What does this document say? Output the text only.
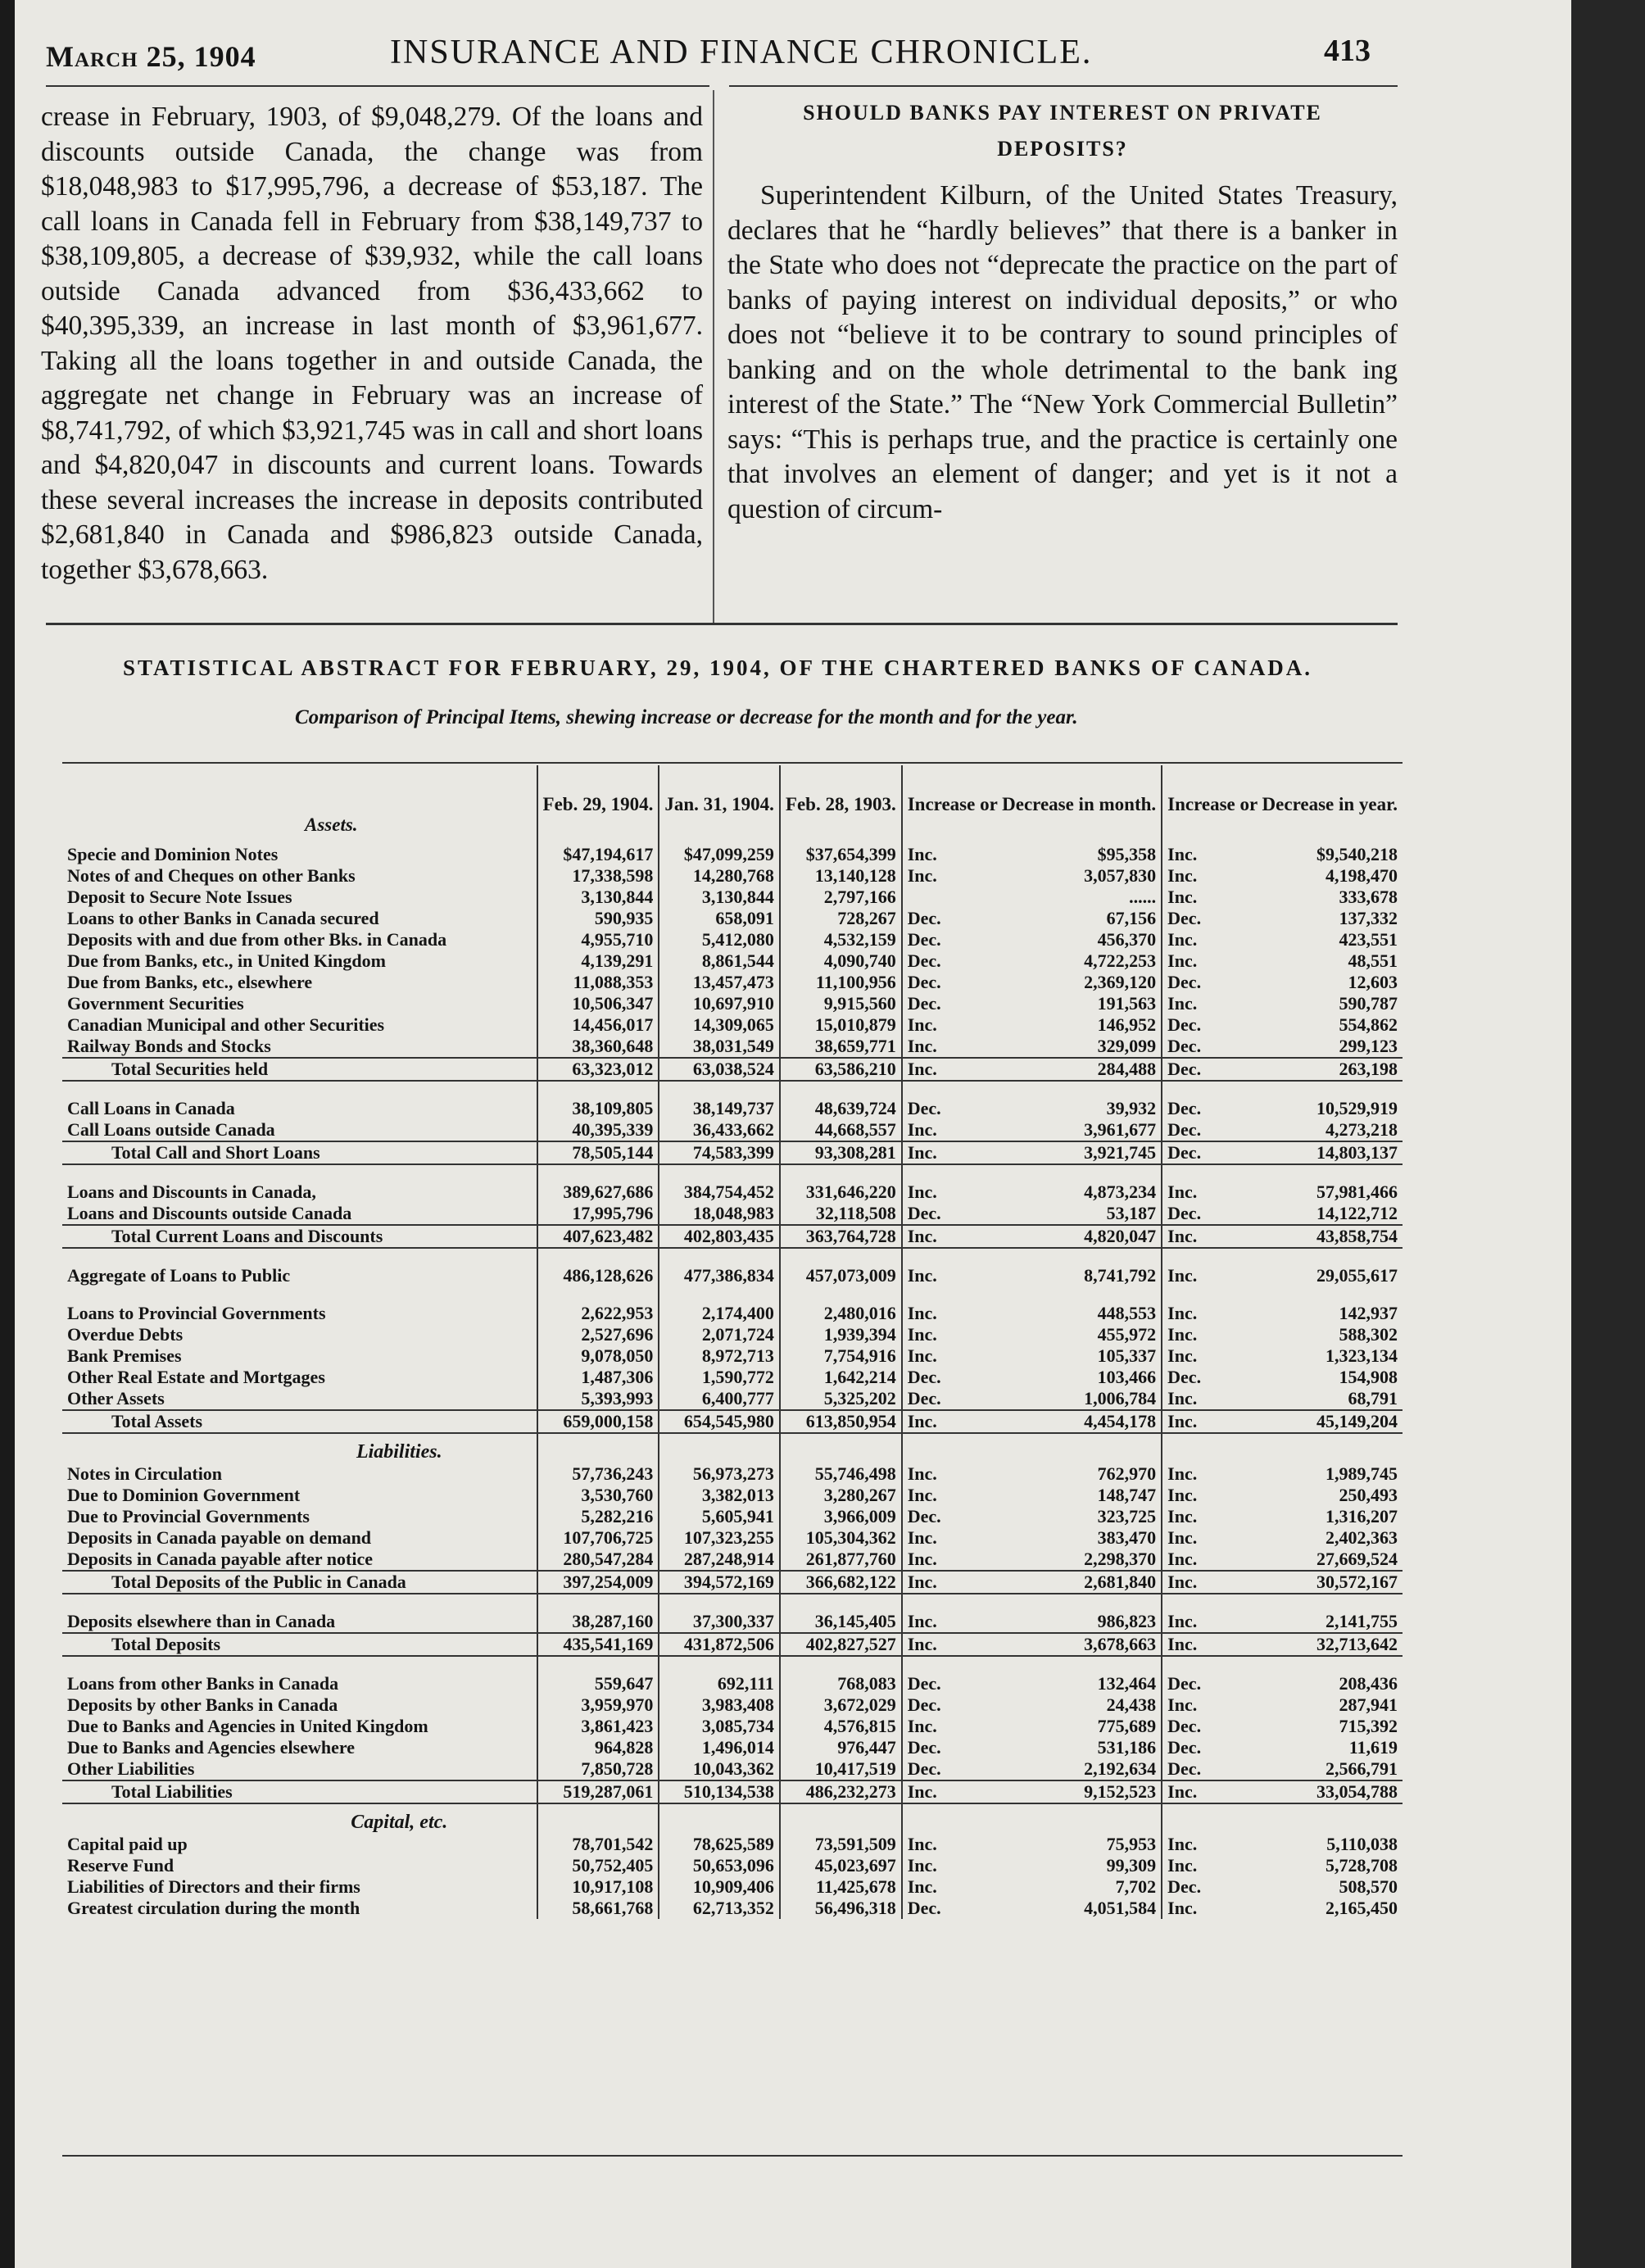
March 25, 1904	INSURANCE AND FINANCE CHRONICLE.	413

crease in February, 1903, of $9,048,279. Of the loans and discounts outside Canada, the change was from $18,048,983 to $17,995,796, a decrease of $53,187. The call loans in Canada fell in February from $38,149,737 to $38,109,805, a decrease of $39,932, while the call loans outside Canada advanced from $36,433,662 to $40,395,339, an increase in last month of $3,961,677. Taking all the loans together in and outside Canada, the aggregate net change in February was an increase of $8,741,792, of which $3,921,745 was in call and short loans and $4,820,047 in discounts and current loans. Towards these several increases the increase in deposits contributed $2,681,840 in Canada and $986,823 outside Canada, together $3,678,663.

SHOULD BANKS PAY INTEREST ON PRIVATE
DEPOSITS?

Superintendent Kilburn, of the United States Treasury, declares that he “hardly believes” that there is a banker in the State who does not “deprecate the practice on the part of banks of paying interest on individual deposits,” or who does not “believe it to be contrary to sound principles of banking and on the whole detrimental to the bank ing interest of the State.” The “New York Commercial Bulletin” says: “This is perhaps true, and the practice is certainly one that involves an element of danger; and yet is it not a question of circum-

STATISTICAL ABSTRACT FOR FEBRUARY, 29, 1904, OF THE CHARTERED BANKS OF CANADA.
Comparison of Principal Items, shewing increase or decrease for the month and for the year.
Assets.	Feb. 29, 1904.	Jan. 31, 1904.	Feb. 28, 1903.	Increase or Decrease in month.		Increase or Decrease in year.	
Specie and Dominion Notes	$47,194,617	$47,099,259	$37,654,399	Inc.	$95,358	Inc.	$9,540,218
Notes of and Cheques on other Banks	17,338,598	14,280,768	13,140,128	Inc.	3,057,830	Inc.	4,198,470
Deposit to Secure Note Issues	3,130,844	3,130,844	2,797,166		......	Inc.	333,678
Loans to other Banks in Canada secured	590,935	658,091	728,267	Dec.	67,156	Dec.	137,332
Deposits with and due from other Bks. in Canada	4,955,710	5,412,080	4,532,159	Dec.	456,370	Inc.	423,551
Due from Banks, etc., in United Kingdom	4,139,291	8,861,544	4,090,740	Dec.	4,722,253	Inc.	48,551
Due from Banks, etc., elsewhere	11,088,353	13,457,473	11,100,956	Dec.	2,369,120	Dec.	12,603
Government Securities	10,506,347	10,697,910	9,915,560	Dec.	191,563	Inc.	590,787
Canadian Municipal and other Securities	14,456,017	14,309,065	15,010,879	Inc.	146,952	Dec.	554,862
Railway Bonds and Stocks	38,360,648	38,031,549	38,659,771	Inc.	329,099	Dec.	299,123
Total Securities held	63,323,012	63,038,524	63,586,210	Inc.	284,488	Dec.	263,198

Call Loans in Canada	38,109,805	38,149,737	48,639,724	Dec.	39,932	Dec.	10,529,919
Call Loans outside Canada	40,395,339	36,433,662	44,668,557	Inc.	3,961,677	Dec.	4,273,218
Total Call and Short Loans	78,505,144	74,583,399	93,308,281	Inc.	3,921,745	Dec.	14,803,137

Loans and Discounts in Canada,	389,627,686	384,754,452	331,646,220	Inc.	4,873,234	Inc.	57,981,466
Loans and Discounts outside Canada	17,995,796	18,048,983	32,118,508	Dec.	53,187	Dec.	14,122,712
Total Current Loans and Discounts	407,623,482	402,803,435	363,764,728	Inc.	4,820,047	Inc.	43,858,754

Aggregate of Loans to Public	486,128,626	477,386,834	457,073,009	Inc.	8,741,792	Inc.	29,055,617

Loans to Provincial Governments	2,622,953	2,174,400	2,480,016	Inc.	448,553	Inc.	142,937
Overdue Debts	2,527,696	2,071,724	1,939,394	Inc.	455,972	Inc.	588,302
Bank Premises	9,078,050	8,972,713	7,754,916	Inc.	105,337	Inc.	1,323,134
Other Real Estate and Mortgages	1,487,306	1,590,772	1,642,214	Dec.	103,466	Dec.	154,908
Other Assets	5,393,993	6,400,777	5,325,202	Dec.	1,006,784	Inc.	68,791
Total Assets	659,000,158	654,545,980	613,850,954	Inc.	4,454,178	Inc.	45,149,204
Liabilities.							
Notes in Circulation	57,736,243	56,973,273	55,746,498	Inc.	762,970	Inc.	1,989,745
Due to Dominion Government	3,530,760	3,382,013	3,280,267	Inc.	148,747	Inc.	250,493
Due to Provincial Governments	5,282,216	5,605,941	3,966,009	Dec.	323,725	Inc.	1,316,207
Deposits in Canada payable on demand	107,706,725	107,323,255	105,304,362	Inc.	383,470	Inc.	2,402,363
Deposits in Canada payable after notice	280,547,284	287,248,914	261,877,760	Inc.	2,298,370	Inc.	27,669,524
Total Deposits of the Public in Canada	397,254,009	394,572,169	366,682,122	Inc.	2,681,840	Inc.	30,572,167

Deposits elsewhere than in Canada	38,287,160	37,300,337	36,145,405	Inc.	986,823	Inc.	2,141,755
Total Deposits	435,541,169	431,872,506	402,827,527	Inc.	3,678,663	Inc.	32,713,642

Loans from other Banks in Canada	559,647	692,111	768,083	Dec.	132,464	Dec.	208,436
Deposits by other Banks in Canada	3,959,970	3,983,408	3,672,029	Dec.	24,438	Inc.	287,941
Due to Banks and Agencies in United Kingdom	3,861,423	3,085,734	4,576,815	Inc.	775,689	Dec.	715,392
Due to Banks and Agencies elsewhere	964,828	1,496,014	976,447	Dec.	531,186	Dec.	11,619
Other Liabilities	7,850,728	10,043,362	10,417,519	Dec.	2,192,634	Dec.	2,566,791
Total Liabilities	519,287,061	510,134,538	486,232,273	Inc.	9,152,523	Inc.	33,054,788
Capital, etc.							
Capital paid up	78,701,542	78,625,589	73,591,509	Inc.	75,953	Inc.	5,110,038
Reserve Fund	50,752,405	50,653,096	45,023,697	Inc.	99,309	Inc.	5,728,708
Liabilities of Directors and their firms	10,917,108	10,909,406	11,425,678	Inc.	7,702	Dec.	508,570
Greatest circulation during the month	58,661,768	62,713,352	56,496,318	Dec.	4,051,584	Inc.	2,165,450
